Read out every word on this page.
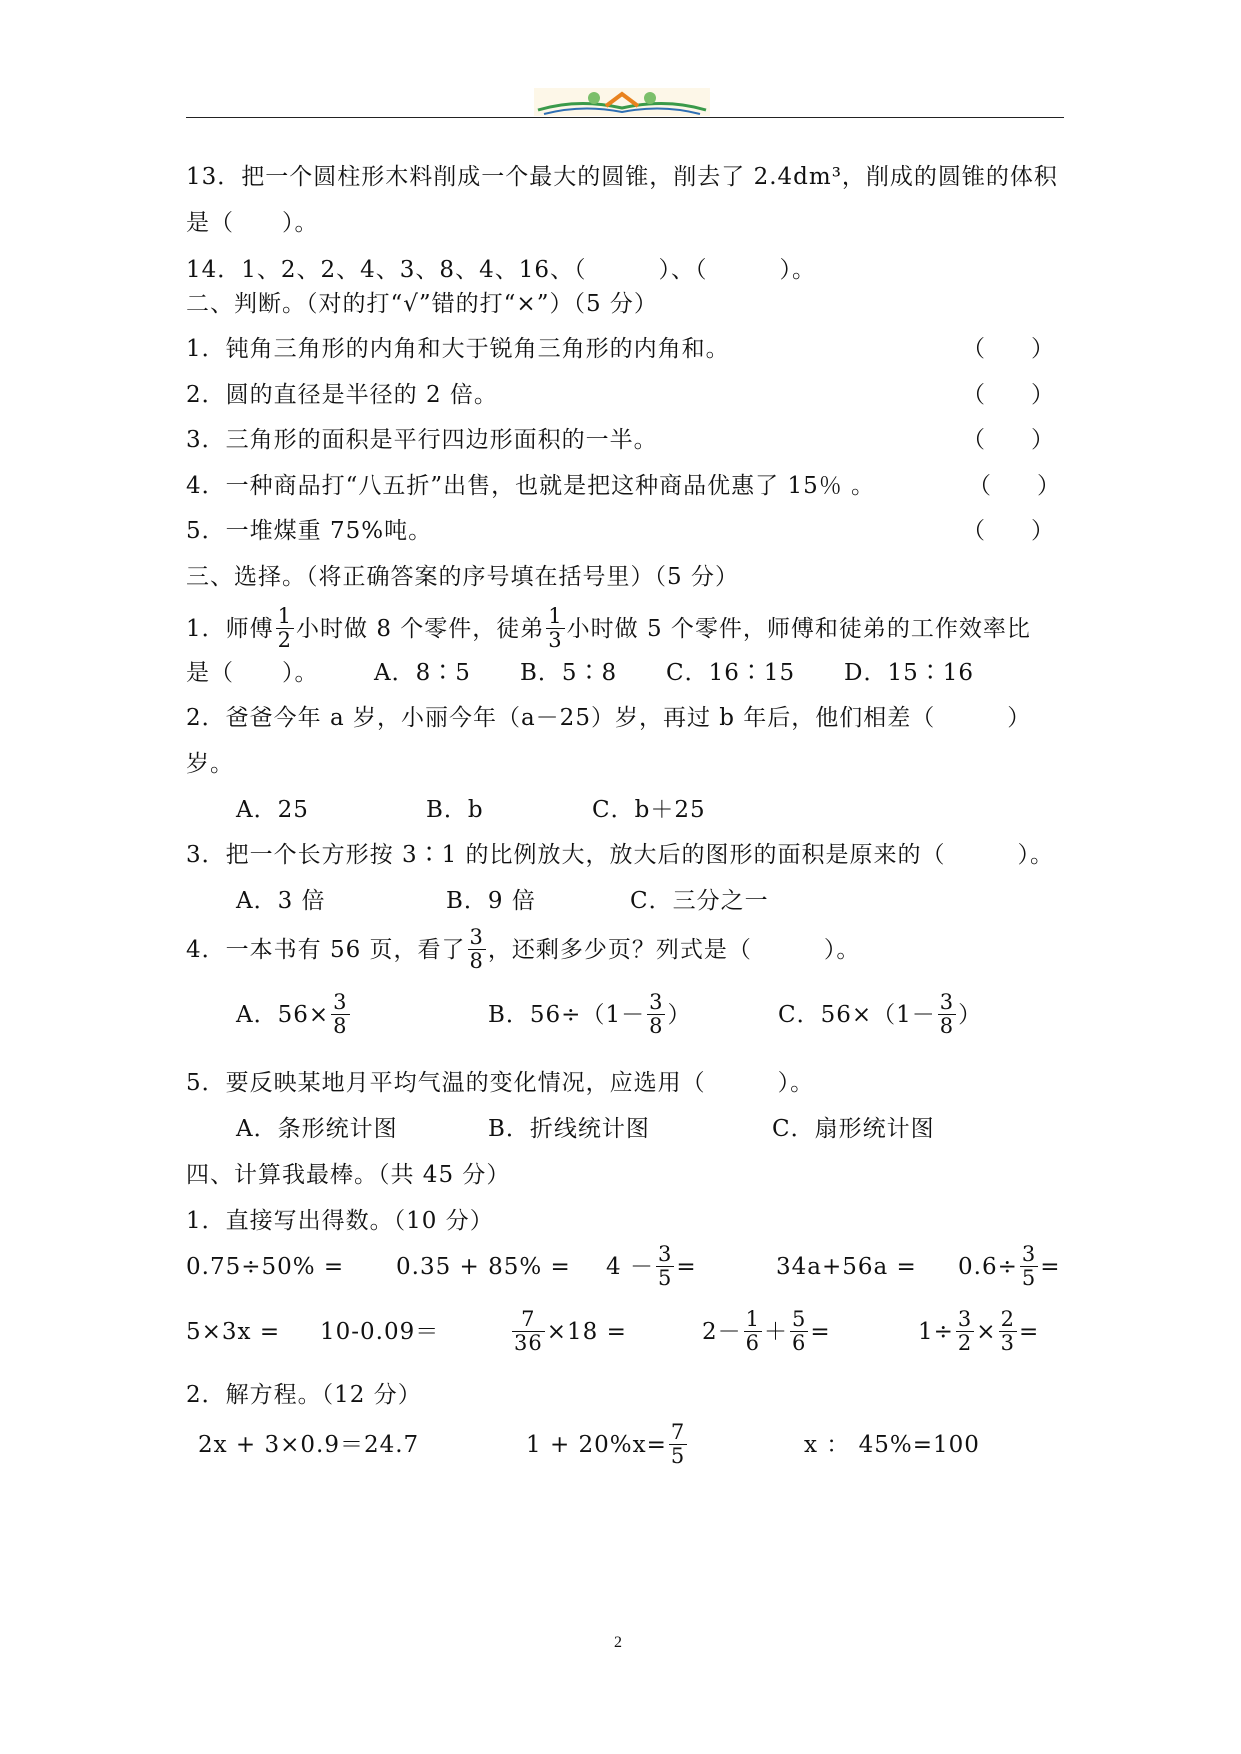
13．把一个圆柱形木料削成一个最大的圆锥，削去了 2.4dm³，削成的圆锥的体积
是（　　）。
14．1、2、2、4、3、8、4、16、（　　　）、（　　　）。
二、判断。（对的打“√”错的打“×”）（5 分）
1．钝角三角形的内角和大于锐角三角形的内角和。	（　　）
2．圆的直径是半径的 2 倍。	（　　）
3．三角形的面积是平行四边形面积的一半。	（　　）
4．一种商品打“八五折”出售，也就是把这种商品优惠了 15％ 。	（　　）
5．一堆煤重 75%吨。	（　　）
三、选择。（将正确答案的序号填在括号里）（5 分）
1．师傅 $\frac{1}{2}$ 小时做 8 个零件，徒弟 $\frac{1}{3}$ 小时做 5 个零件，师傅和徒弟的工作效率比
是（　　）。 A．8∶5 B．5∶8 C．16∶15 D．15∶16
2．爸爸今年 a 岁，小丽今年（a－25）岁，再过 b 年后，他们相差（　　　）
岁。
A．25	B．b	C．b＋25
3．把一个长方形按 3∶1 的比例放大，放大后的图形的面积是原来的（　　　）。
A．3 倍	B．9 倍	C．三分之一
4．一本书有 56 页，看了 $\frac{3}{8}$ ，还剩多少页？列式是（　　　）。
A．$56\times \frac{3}{8}$	B．$56\div(1- \frac{3}{8}$ ）	C．$56\times(1- \frac{3}{8}$ ）
5．要反映某地月平均气温的变化情况，应选用（　　　）。
A．条形统计图	B．折线统计图	C．扇形统计图
四、计算我最棒。（共 45 分）
1．直接写出得数。（10 分）
$0.75\div 50\% = 0.35 + 85\% = 4 - \frac{3}{5}$ =	$34a+56a = 0.6\div \frac{3}{5}$ =
5×3x = 10-0.09＝	$\frac{7}{36} \times 18$ =	$2- \frac{1}{6} + \frac{5}{6}$ =	$1\div \frac{3}{2} \times \frac{2}{3}$ =
2．解方程。（12 分）
2x + 3×0.9＝24.7	$1 + 20\%x= \frac{7}{5}$	x ： 45%=100
2
